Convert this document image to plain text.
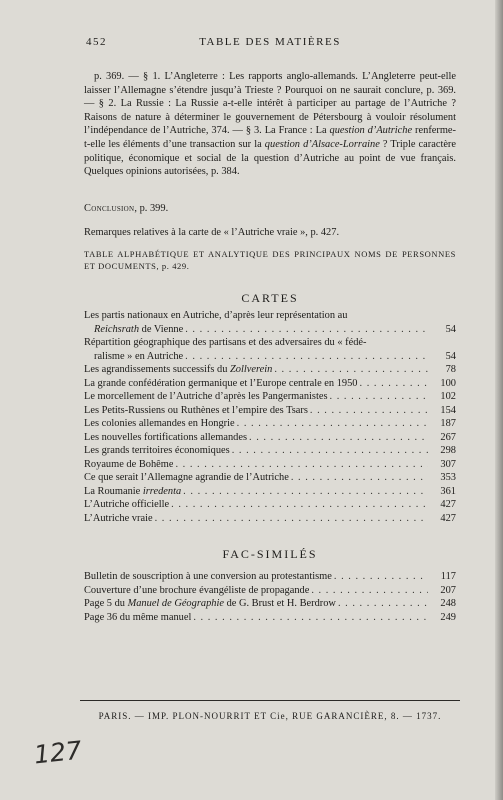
452	TABLE DES MATIÈRES
p. 369. — § 1. L’Angleterre : Les rapports anglo-allemands. L’Angleterre peut-elle laisser l’Allemagne s’étendre jusqu’à Trieste ? Pourquoi on ne saurait conclure, p. 369. — § 2. La Russie : La Russie a-t-elle intérêt à participer au partage de l’Autriche ? Raisons de nature à déterminer le gouvernement de Pétersbourg à vouloir résolument l’indépendance de l’Autriche, 374. — § 3. La France : La question d’Autriche renferme-t-elle les éléments d’une transaction sur la question d’Alsace-Lorraine ? Triple caractère politique, économique et social de la question d’Autriche au point de vue français. Quelques opinions autorisées, p. 384.
Conclusion, p. 399.
Remarques relatives à la carte de « l’Autriche vraie », p. 427.
TABLE ALPHABÉTIQUE ET ANALYTIQUE DES PRINCIPAUX NOMS DE PERSONNES ET DOCUMENTS, p. 429.
CARTES
Les partis nationaux en Autriche, d’après leur représentation au
Reichsrath de Vienne . . .	54
Répartition géographique des partisans et des adversaires du « fédé-
ralisme » en Autriche . . .	54
Les agrandissements successifs du Zollverein . . .	78
La grande confédération germanique et l’Europe centrale en 1950 . . .	100
Le morcellement de l’Autriche d’après les Pangermanistes . . .	102
Les Petits-Russiens ou Ruthènes et l’empire des Tsars . . .	154
Les colonies allemandes en Hongrie . . .	187
Les nouvelles fortifications allemandes . . .	267
Les grands territoires économiques . . .	298
Royaume de Bohême . . .	307
Ce que serait l’Allemagne agrandie de l’Autriche . . .	353
La Roumanie irredenta . . .	361
L’Autriche officielle . . .	427
L’Autriche vraie . . .	427
FAC-SIMILÉS
Bulletin de souscription à une conversion au protestantisme . . .	117
Couverture d’une brochure évangéliste de propagande . . .	207
Page 5 du Manuel de Géographie de G. Brust et H. Berdrow . . .	248
Page 36 du même manuel . . .	249
PARIS. — IMP. PLON-NOURRIT ET Cie, RUE GARANCIÈRE, 8. — 1737.
127
